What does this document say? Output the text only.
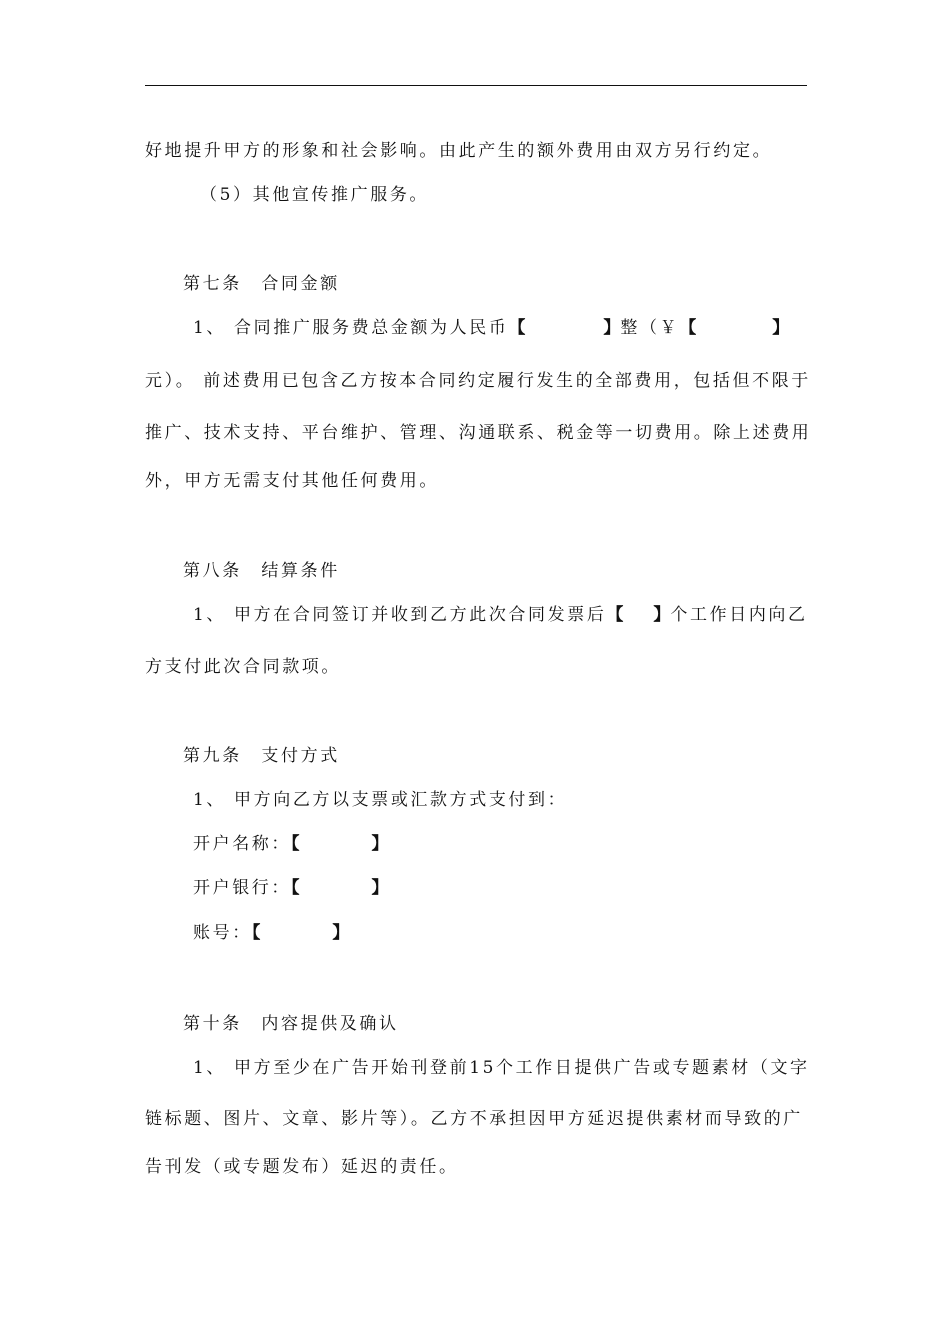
好地提升甲方的形象和社会影响。由此产生的额外费用由双方另行约定。
（5）其他宣传推广服务。
第七条　合同金额
1、 合同推广服务费总金额为人民币【	】整（￥【	】
元）。 前述费用已包含乙方按本合同约定履行发生的全部费用，包括但不限于
推广、技术支持、平台维护、管理、沟通联系、税金等一切费用。除上述费用
外，甲方无需支付其他任何费用。
第八条　结算条件
1、 甲方在合同签订并收到乙方此次合同发票后【 】个工作日内向乙
方支付此次合同款项。
第九条　支付方式
1、 甲方向乙方以支票或汇款方式支付到：
开户名称：【	】
开户银行：【	】
账号：【	】
第十条　内容提供及确认
1、 甲方至少在广告开始刊登前15个工作日提供广告或专题素材（文字
链标题、图片、文章、影片等）。乙方不承担因甲方延迟提供素材而导致的广
告刊发（或专题发布）延迟的责任。
